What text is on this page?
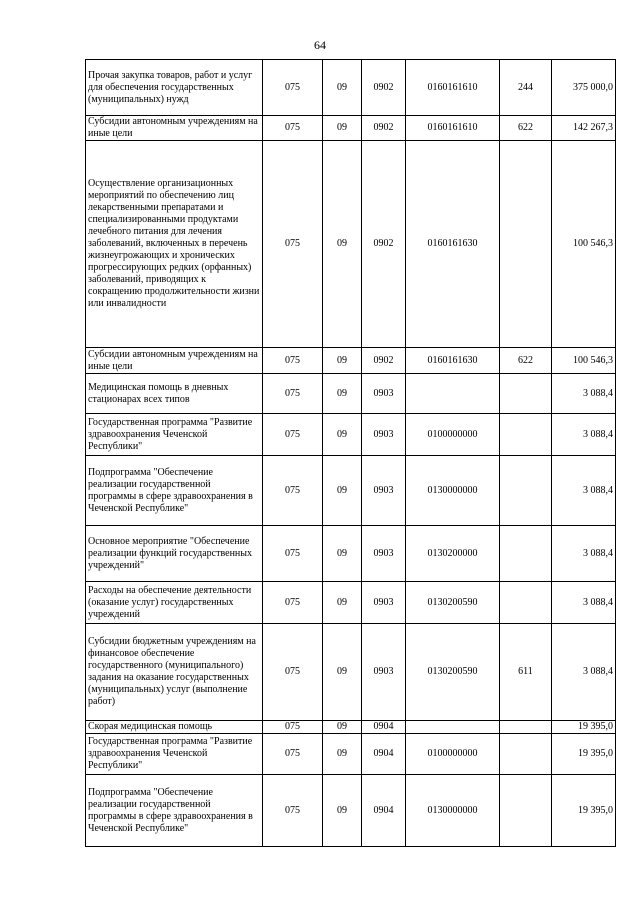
64
Прочая закупка товаров, работ и услуг для обеспечения государственных (муниципальных) нужд	075	09	0902	0160161610	244	375 000,0
Субсидии автономным учреждениям на иные цели	075	09	0902	0160161610	622	142 267,3
Осуществление организационных мероприятий по обеспечению лиц лекарственными препаратами и специализированными продуктами лечебного питания для лечения заболеваний, включенных в перечень жизнеугрожающих и хронических прогрессирующих редких (орфанных) заболеваний, приводящих к сокращению продолжительности жизни или инвалидности	075	09	0902	0160161630		100 546,3
Субсидии автономным учреждениям на иные цели	075	09	0902	0160161630	622	100 546,3
Медицинская помощь в дневных стационарах всех типов	075	09	0903			3 088,4
Государственная программа "Развитие здравоохранения Чеченской Республики"	075	09	0903	0100000000		3 088,4
Подпрограмма "Обеспечение реализации государственной программы в сфере здравоохранения в Чеченской Республике"	075	09	0903	0130000000		3 088,4
Основное мероприятие "Обеспечение реализации функций государственных учреждений"	075	09	0903	0130200000		3 088,4
Расходы на обеспечение деятельности (оказание услуг) государственных учреждений	075	09	0903	0130200590		3 088,4
Субсидии бюджетным учреждениям на финансовое обеспечение государственного (муниципального) задания на оказание государственных (муниципальных) услуг (выполнение работ)	075	09	0903	0130200590	611	3 088,4
Скорая медицинская помощь	075	09	0904			19 395,0
Государственная программа "Развитие здравоохранения Чеченской Республики"	075	09	0904	0100000000		19 395,0
Подпрограмма "Обеспечение реализации государственной программы в сфере здравоохранения в Чеченской Республике"	075	09	0904	0130000000		19 395,0
